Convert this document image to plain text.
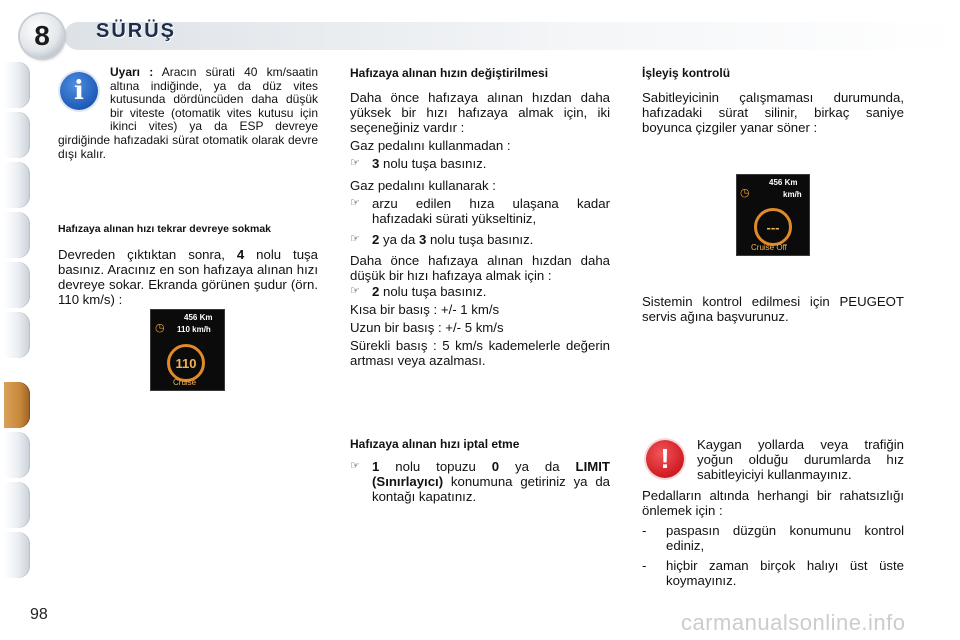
8	SÜRÜŞ
i
Uyarı : Aracın sürati 40 km/saatin altına indiğinde, ya da düz vites kutusunda dördüncüden daha düşük bir viteste (otomatik vites kutusu için ikinci vites) ya da ESP devreye girdiğinde hafızadaki sürat otomatik olarak devre dışı kalır.

Hafızaya alınan hızı tekrar devreye sokmak

Devreden çıktıktan sonra, 4 nolu tuşa basınız. Aracınız en son hafızaya alınan hızı devreye sokar. Ekranda görünen şudur (örn. 110 km/s) :

456 Km
◷ 110 km/h
110
Cruise

Hafızaya alınan hızın değiştirilmesi

Daha önce hafızaya alınan hızdan daha yüksek bir hızı hafızaya almak için, iki seçeneğiniz vardır :

Gaz pedalını kullanmadan :

☞ 3 nolu tuşa basınız.

Gaz pedalını kullanarak :

☞ arzu edilen hıza ulaşana kadar hafızadaki sürati yükseltiniz,
☞ 2 ya da 3 nolu tuşa basınız.

Daha önce hafızaya alınan hızdan daha düşük bir hızı hafızaya almak için :

☞ 2 nolu tuşa basınız.

Kısa bir basış : +/- 1 km/s

Uzun bir basış : +/- 5 km/s

Sürekli basış : 5 km/s kademelerle değerin artması veya azalması.

Hafızaya alınan hızı iptal etme

☞ 1 nolu topuzu 0 ya da LIMIT (Sınırlayıcı) konumuna getiriniz ya da kontağı kapatınız.

İşleyiş kontrolü

Sabitleyicinin çalışmaması durumunda, hafızadaki sürat silinir, birkaç saniye boyunca çizgiler yanar söner :

456 Km
◷	km/h
---
Cruise Off
Sistemin kontrol edilmesi için PEUGEOT servis ağına başvurunuz.
!	Kaygan yollarda veya trafiğin yoğun olduğu durumlarda hız sabitleyiciyi kullanmayınız.

Pedalların altında herhangi bir rahatsızlığı önlemek için :

-	paspasın düzgün konumunu kontrol ediniz,
-	hiçbir zaman birçok halıyı üst üste koymayınız.
98	carmanualsonline.info
